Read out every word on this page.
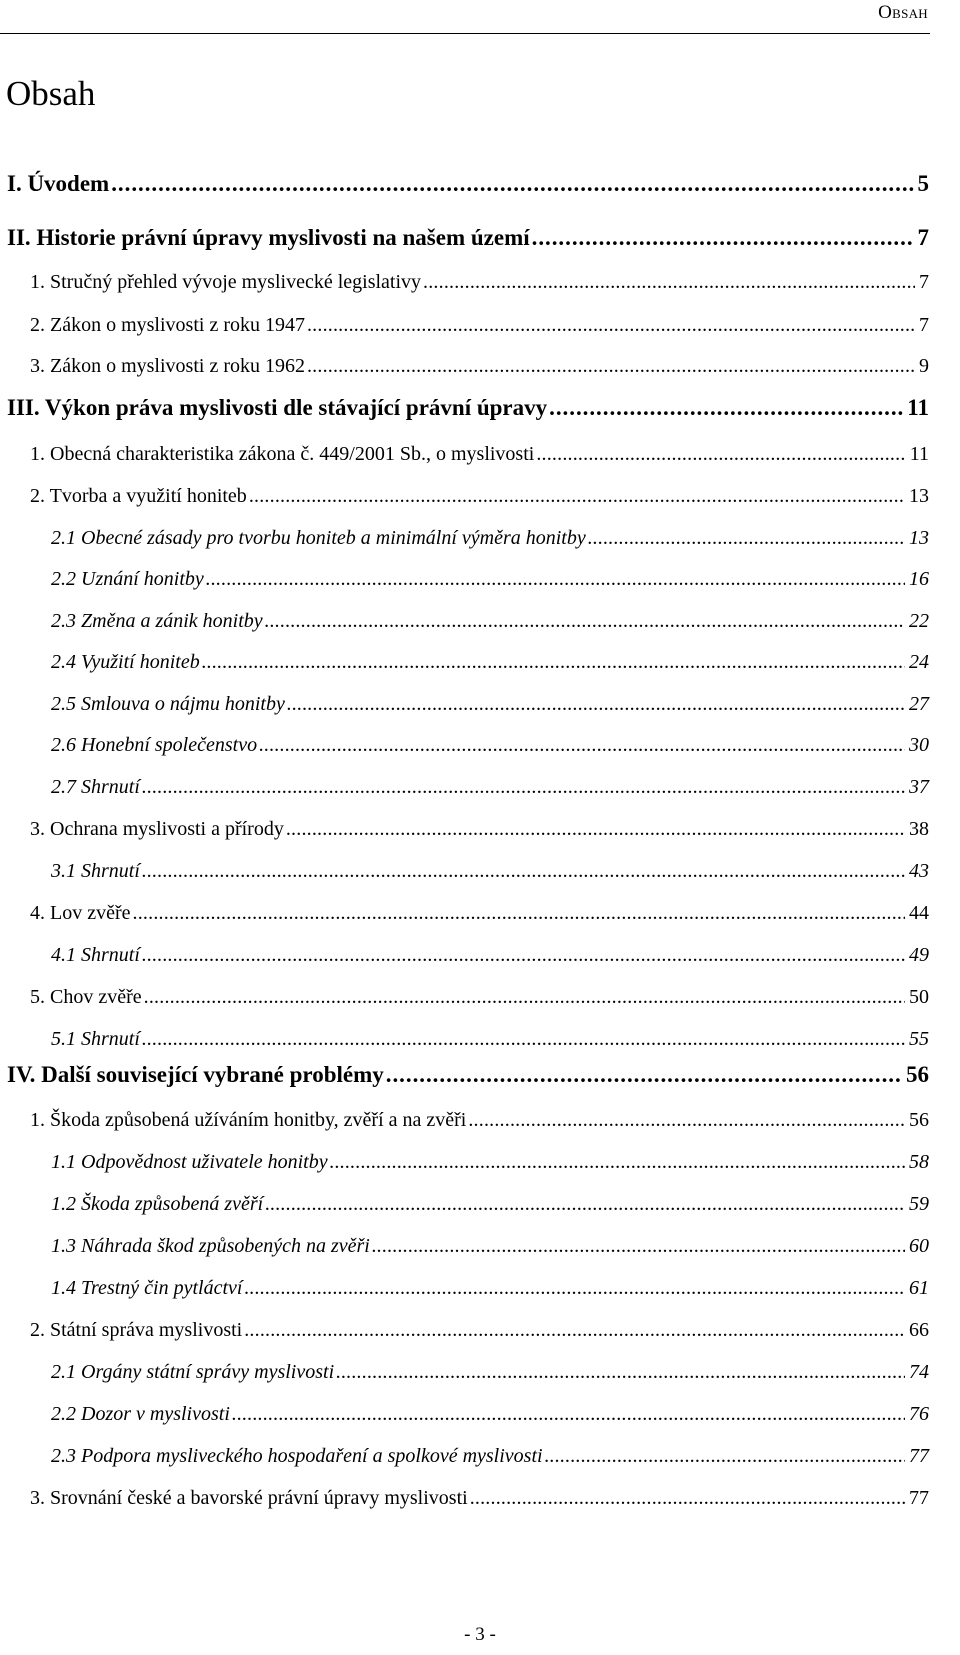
Obsah
Obsah
I. Úvodem . . .	5
II. Historie právní úpravy myslivosti na našem území . . .	7
1. Stručný přehled vývoje myslivecké legislativy . . .	7
2. Zákon o myslivosti z roku 1947 . . .	7
3. Zákon o myslivosti z roku 1962 . . .	9
III. Výkon práva myslivosti dle stávající právní úpravy . . .	11
1. Obecná charakteristika zákona č. 449/2001 Sb., o myslivosti . . .	11
2. Tvorba a využití honiteb . . .	13
2.1 Obecné zásady pro tvorbu honiteb a minimální výměra honitby . . .	13
2.2 Uznání honitby . . .	16
2.3 Změna a zánik honitby . . .	22
2.4 Využití honiteb . . .	24
2.5 Smlouva o nájmu honitby . . .	27
2.6 Honební společenstvo . . .	30
2.7 Shrnutí . . .	37
3. Ochrana myslivosti a přírody . . .	38
3.1 Shrnutí . . .	43
4. Lov zvěře . . .	44
4.1 Shrnutí . . .	49
5. Chov zvěře . . .	50
5.1 Shrnutí . . .	55
IV. Další související vybrané problémy . . .	56
1. Škoda způsobená užíváním honitby, zvěří a na zvěři . . .	56
1.1 Odpovědnost uživatele honitby . . .	58
1.2 Škoda způsobená zvěří . . .	59
1.3 Náhrada škod způsobených na zvěři . . .	60
1.4 Trestný čin pytláctví . . .	61
2. Státní správa myslivosti . . .	66
2.1 Orgány státní správy myslivosti . . .	74
2.2 Dozor v myslivosti . . .	76
2.3 Podpora mysliveckého hospodaření a spolkové myslivosti . . .	77
3. Srovnání české a bavorské právní úpravy myslivosti . . .	77
- 3 -
